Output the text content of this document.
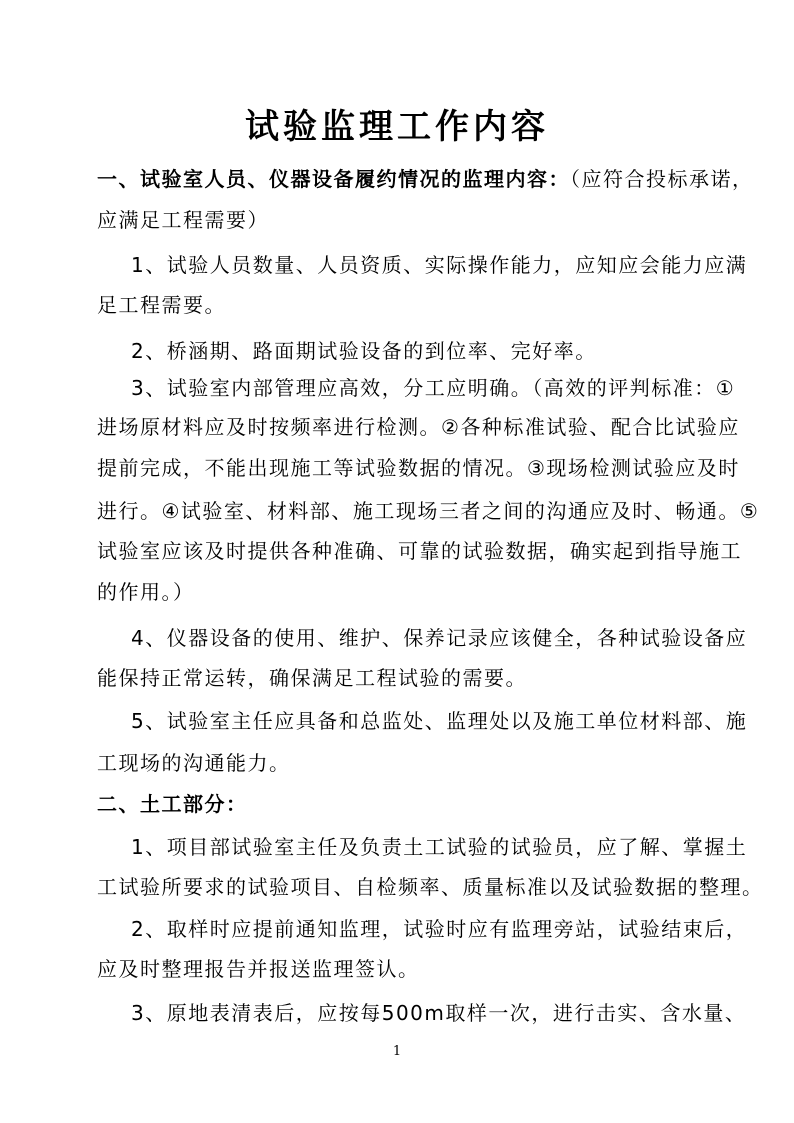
试验监理工作内容
一、试验室人员、仪器设备履约情况的监理内容：（应符合投标承诺，
应满足工程需要）
1、试验人员数量、人员资质、实际操作能力，应知应会能力应满
足工程需要。
2、桥涵期、路面期试验设备的到位率、完好率。
3、试验室内部管理应高效，分工应明确。（高效的评判标准：①
进场原材料应及时按频率进行检测。②各种标准试验、配合比试验应
提前完成，不能出现施工等试验数据的情况。③现场检测试验应及时
进行。④试验室、材料部、施工现场三者之间的沟通应及时、畅通。⑤
试验室应该及时提供各种准确、可靠的试验数据，确实起到指导施工
的作用。）
4、仪器设备的使用、维护、保养记录应该健全，各种试验设备应
能保持正常运转，确保满足工程试验的需要。
5、试验室主任应具备和总监处、监理处以及施工单位材料部、施
工现场的沟通能力。
二、土工部分：
1、项目部试验室主任及负责土工试验的试验员，应了解、掌握土
工试验所要求的试验项目、自检频率、质量标准以及试验数据的整理。
2、取样时应提前通知监理，试验时应有监理旁站，试验结束后，
应及时整理报告并报送监理签认。
3、原地表清表后，应按每500m取样一次，进行击实、含水量、
1
